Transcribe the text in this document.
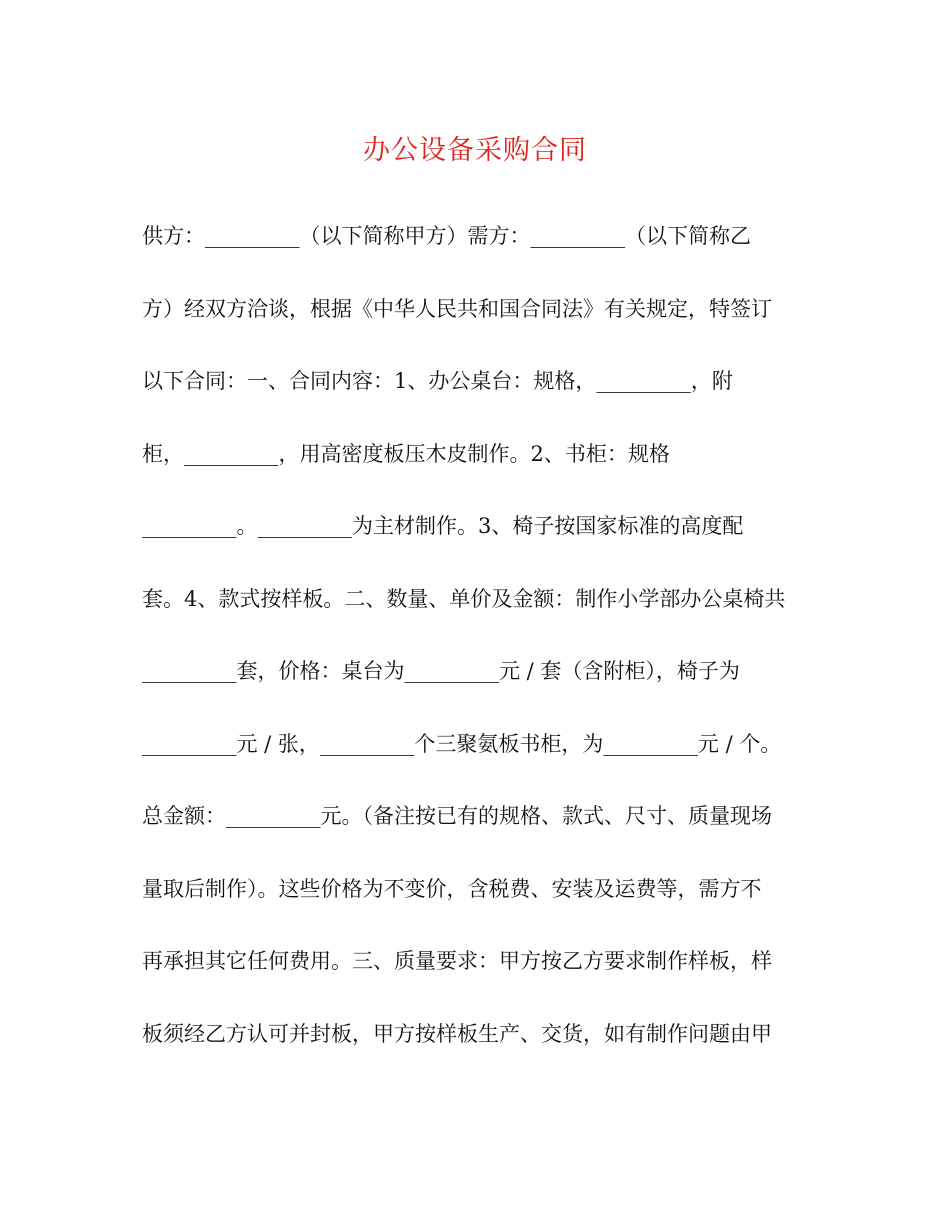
办公设备采购合同
供方：_________（以下简称甲方）需方：_________（以下简称乙
方）经双方洽谈，根据《中华人民共和国合同法》有关规定，特签订
以下合同：一、合同内容：1、办公桌台：规格，_________，附
柜，_________，用高密度板压木皮制作。2、书柜：规格
_________。_________为主材制作。3、椅子按国家标准的高度配
套。4、款式按样板。二、数量、单价及金额：制作小学部办公桌椅共
_________套，价格：桌台为_________元 / 套（含附柜），椅子为
_________元 / 张，_________个三聚氨板书柜，为_________元 / 个。
总金额：_________元。（备注按已有的规格、款式、尺寸、质量现场
量取后制作）。这些价格为不变价，含税费、安装及运费等，需方不
再承担其它任何费用。三、质量要求：甲方按乙方要求制作样板，样
板须经乙方认可并封板，甲方按样板生产、交货，如有制作问题由甲
